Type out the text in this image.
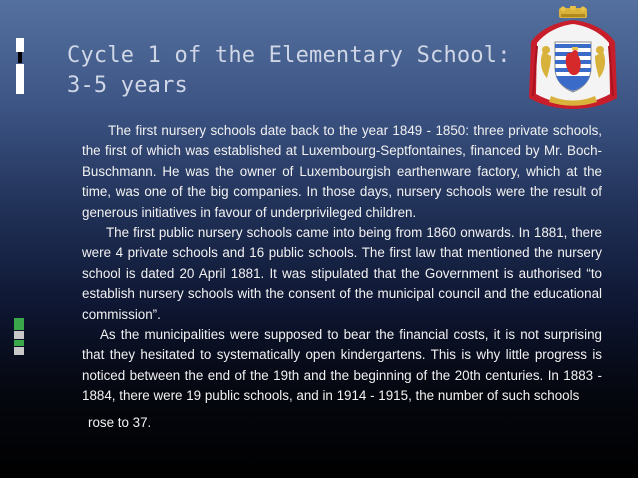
Cycle 1 of the Elementary School:
3-5 years

The first nursery schools date back to the year 1849 - 1850: three private schools, the first of which was established at Luxembourg-Septfontaines, financed by Mr. Boch- Buschmann. He was the owner of Luxembourgish earthenware factory, which at the time, was one of the big companies. In those days, nursery schools were the result of generous initiatives in favour of underprivileged children.

The first public nursery schools came into being from 1860 onwards. In 1881, there were 4 private schools and 16 public schools. The first law that mentioned the nursery school is dated 20 April 1881. It was stipulated that the Government is authorised “to establish nursery schools with the consent of the municipal council and the educational commission”.

As the municipalities were supposed to bear the financial costs, it is not surprising that they hesitated to systematically open kindergartens. This is why little progress is noticed between the end of the 19th and the beginning of the 20th centuries. In 1883 - 1884, there were 19 public schools, and in 1914 - 1915, the number of such schools

rose to 37.
